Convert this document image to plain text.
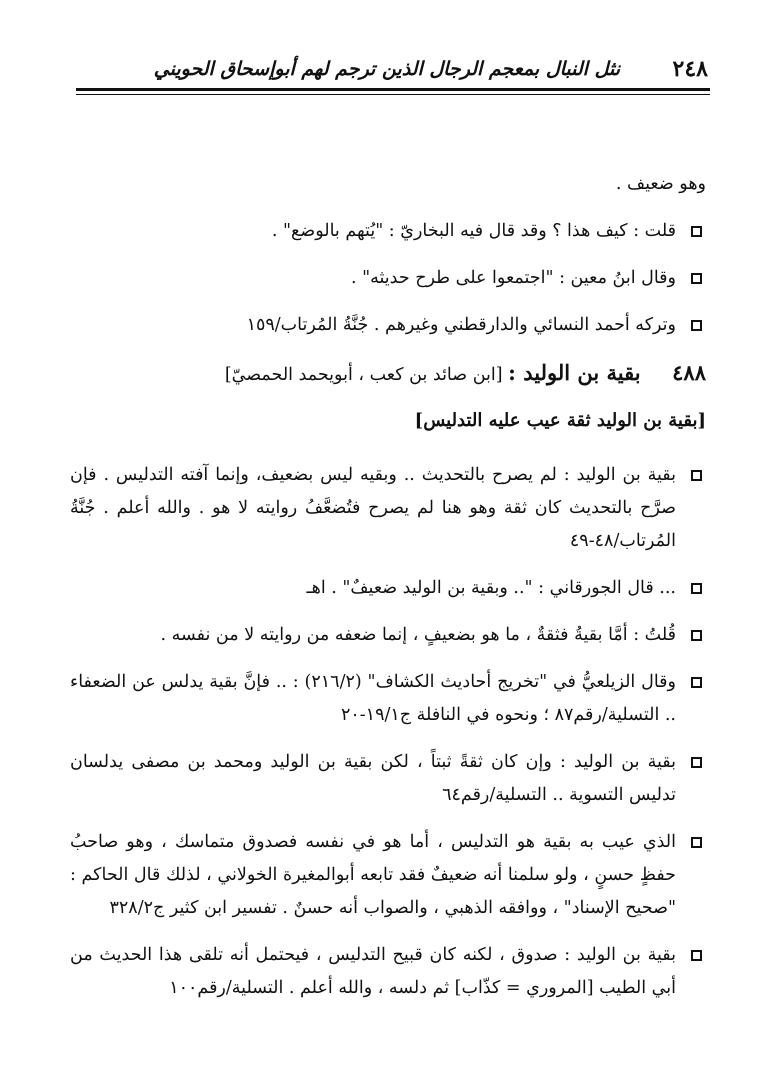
٢٤٨
نثل النبال بمعجم الرجال الذين ترجم لهم أبوإسحاق الحويني

وهو ضعيف .

قلت : كيف هذا ؟ وقد قال فيه البخاريّ : "يُتهم بالوضع" .

وقال ابنُ معين : "اجتمعوا على طرح حديثه" .

وتركه أحمد النسائي والدارقطني وغيرهم . جُنَّةُ المُرتاب/١٥٩

٤٨٨ بقية بن الوليد : [ابن صائد بن كعب ، أبويحمد الحمصيّ]

[بقية بن الوليد ثقة عيب عليه التدليس]

بقية بن الوليد : لم يصرح بالتحديث .. وبقيه ليس بضعيف، وإنما آفته التدليس . فإن صرَّح بالتحديث كان ثقة وهو هنا لم يصرح فتُضعَّفُ روايته لا هو . والله أعلم . جُنَّةُ المُرتاب/٤٨-٤٩

... قال الجورقاني : ".. وبقية بن الوليد ضعيفٌ" . اهـ

قُلتُ : أمَّا بقيةُ فثقةٌ ، ما هو بضعيفٍ ، إنما ضعفه من روايته لا من نفسه .

وقال الزيلعيُّ في "تخريج أحاديث الكشاف" (٢١٦/٢) : .. فإنَّ بقية يدلس عن الضعفاء .. التسلية/رقم٨٧ ؛ ونحوه في النافلة ج١٩/١-٢٠

بقية بن الوليد : وإن كان ثقةً ثبتاً ، لكن بقية بن الوليد ومحمد بن مصفى يدلسان تدليس التسوية .. التسلية/رقم٦٤

الذي عيب به بقية هو التدليس ، أما هو في نفسه فصدوق متماسك ، وهو صاحبُ حفظٍ حسنٍ ، ولو سلمنا أنه ضعيفٌ فقد تابعه أبوالمغيرة الخولاني ، لذلك قال الحاكم : "صحيح الإسناد" ، ووافقه الذهبي ، والصواب أنه حسنٌ . تفسير ابن كثير ج٣٢٨/٢

بقية بن الوليد : صدوق ، لكنه كان قبيح التدليس ، فيحتمل أنه تلقى هذا الحديث من أبي الطيب [المروري = كذّاب] ثم دلسه ، والله أعلم . التسلية/رقم١٠٠
